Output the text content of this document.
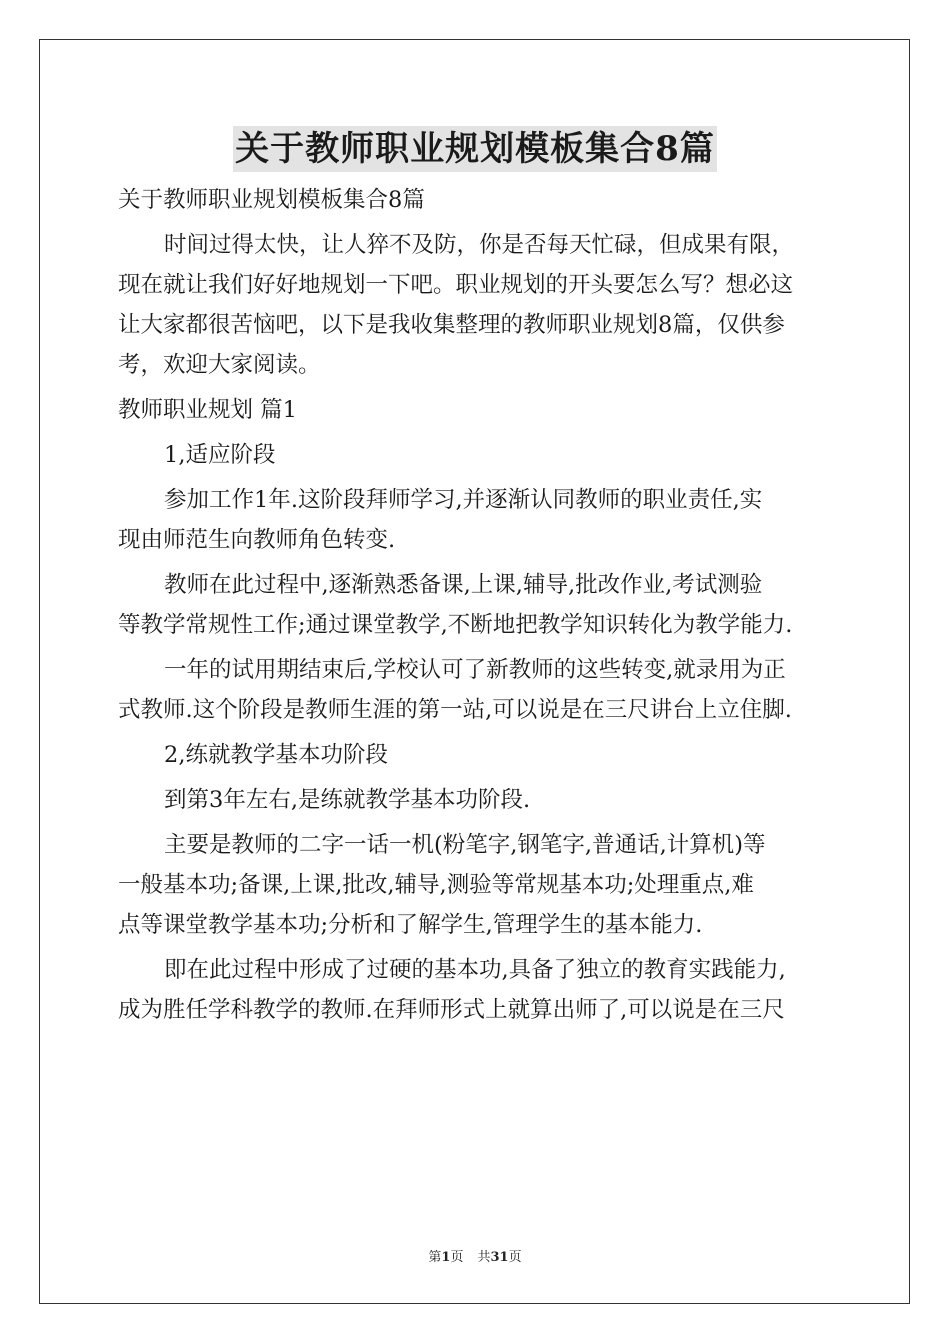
关于教师职业规划模板集合8篇
关于教师职业规划模板集合8篇
时间过得太快，让人猝不及防，你是否每天忙碌，但成果有限，
现在就让我们好好地规划一下吧。职业规划的开头要怎么写？想必这
让大家都很苦恼吧，以下是我收集整理的教师职业规划8篇，仅供参
考，欢迎大家阅读。
教师职业规划 篇1
1,适应阶段
参加工作1年.这阶段拜师学习,并逐渐认同教师的职业责任,实
现由师范生向教师角色转变.
教师在此过程中,逐渐熟悉备课,上课,辅导,批改作业,考试测验
等教学常规性工作;通过课堂教学,不断地把教学知识转化为教学能力.
一年的试用期结束后,学校认可了新教师的这些转变,就录用为正
式教师.这个阶段是教师生涯的第一站,可以说是在三尺讲台上立住脚.
2,练就教学基本功阶段
到第3年左右,是练就教学基本功阶段.
主要是教师的二字一话一机(粉笔字,钢笔字,普通话,计算机)等
一般基本功;备课,上课,批改,辅导,测验等常规基本功;处理重点,难
点等课堂教学基本功;分析和了解学生,管理学生的基本能力.
即在此过程中形成了过硬的基本功,具备了独立的教育实践能力,
成为胜任学科教学的教师.在拜师形式上就算出师了,可以说是在三尺
第1页 共31页
